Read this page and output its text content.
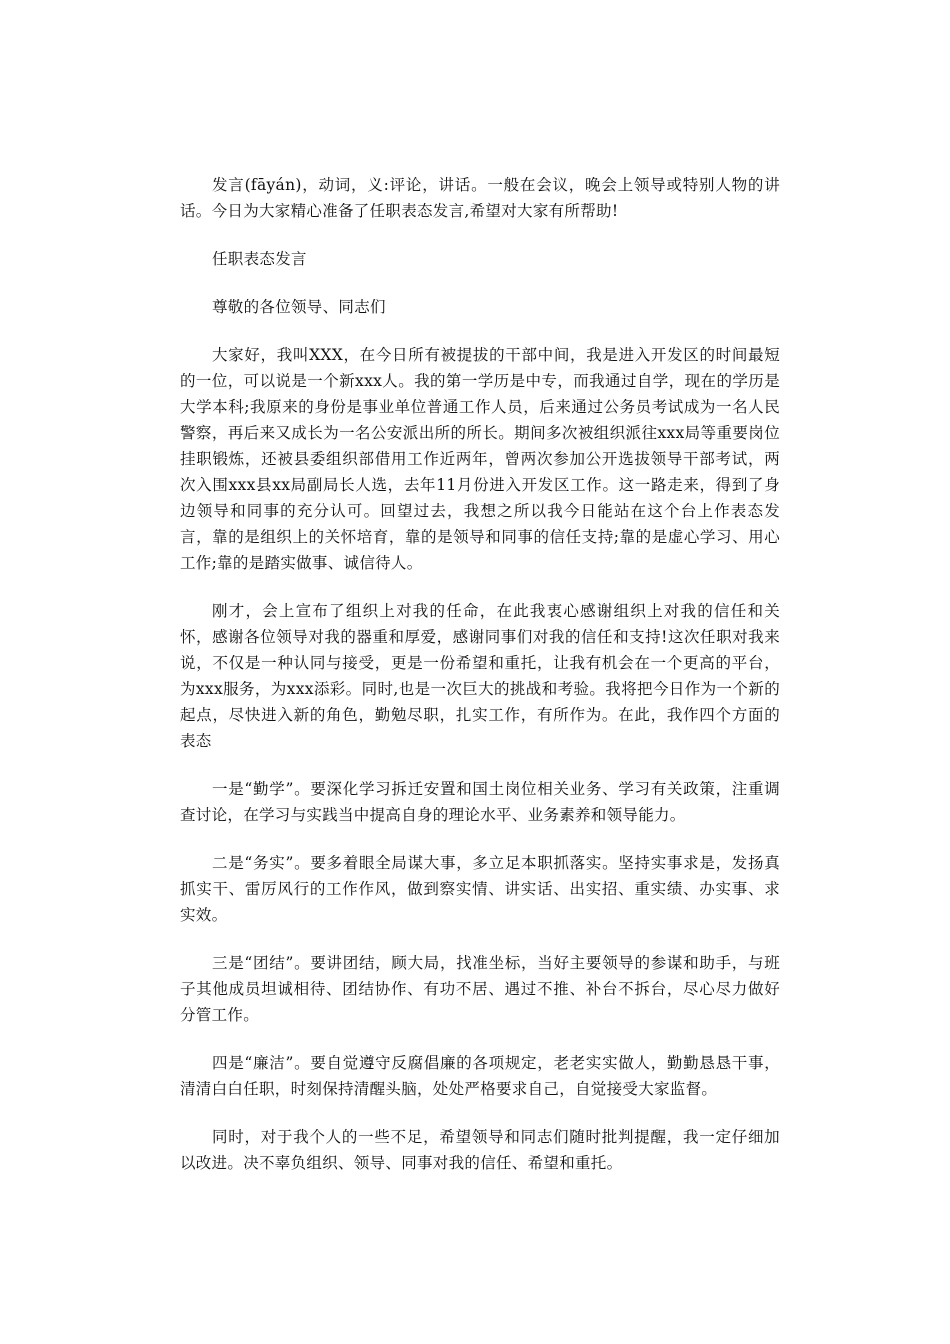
发言(fāyán)，动词，义:评论，讲话。一般在会议，晚会上领导或特别人物的讲话。今日为大家精心准备了任职表态发言,希望对大家有所帮助!

任职表态发言

尊敬的各位领导、同志们

大家好，我叫XXX，在今日所有被提拔的干部中间，我是进入开发区的时间最短的一位，可以说是一个新xxx人。我的第一学历是中专，而我通过自学，现在的学历是大学本科;我原来的身份是事业单位普通工作人员，后来通过公务员考试成为一名人民警察，再后来又成长为一名公安派出所的所长。期间多次被组织派往xxx局等重要岗位挂职锻炼，还被县委组织部借用工作近两年，曾两次参加公开选拔领导干部考试，两次入围xxx县xx局副局长人选，去年11月份进入开发区工作。这一路走来，得到了身边领导和同事的充分认可。回望过去，我想之所以我今日能站在这个台上作表态发言，靠的是组织上的关怀培育，靠的是领导和同事的信任支持;靠的是虚心学习、用心工作;靠的是踏实做事、诚信待人。

刚才，会上宣布了组织上对我的任命，在此我衷心感谢组织上对我的信任和关怀，感谢各位领导对我的器重和厚爱，感谢同事们对我的信任和支持!这次任职对我来说，不仅是一种认同与接受，更是一份希望和重托，让我有机会在一个更高的平台，为xxx服务，为xxx添彩。同时,也是一次巨大的挑战和考验。我将把今日作为一个新的起点，尽快进入新的角色，勤勉尽职，扎实工作，有所作为。在此，我作四个方面的表态

一是“勤学”。要深化学习拆迁安置和国土岗位相关业务、学习有关政策，注重调查讨论，在学习与实践当中提高自身的理论水平、业务素养和领导能力。

二是“务实”。要多着眼全局谋大事，多立足本职抓落实。坚持实事求是，发扬真抓实干、雷厉风行的工作作风，做到察实情、讲实话、出实招、重实绩、办实事、求实效。

三是“团结”。要讲团结，顾大局，找准坐标，当好主要领导的参谋和助手，与班子其他成员坦诚相待、团结协作、有功不居、遇过不推、补台不拆台，尽心尽力做好分管工作。

四是“廉洁”。要自觉遵守反腐倡廉的各项规定，老老实实做人，勤勤恳恳干事，清清白白任职，时刻保持清醒头脑，处处严格要求自己，自觉接受大家监督。

同时，对于我个人的一些不足，希望领导和同志们随时批判提醒，我一定仔细加以改进。决不辜负组织、领导、同事对我的信任、希望和重托。
